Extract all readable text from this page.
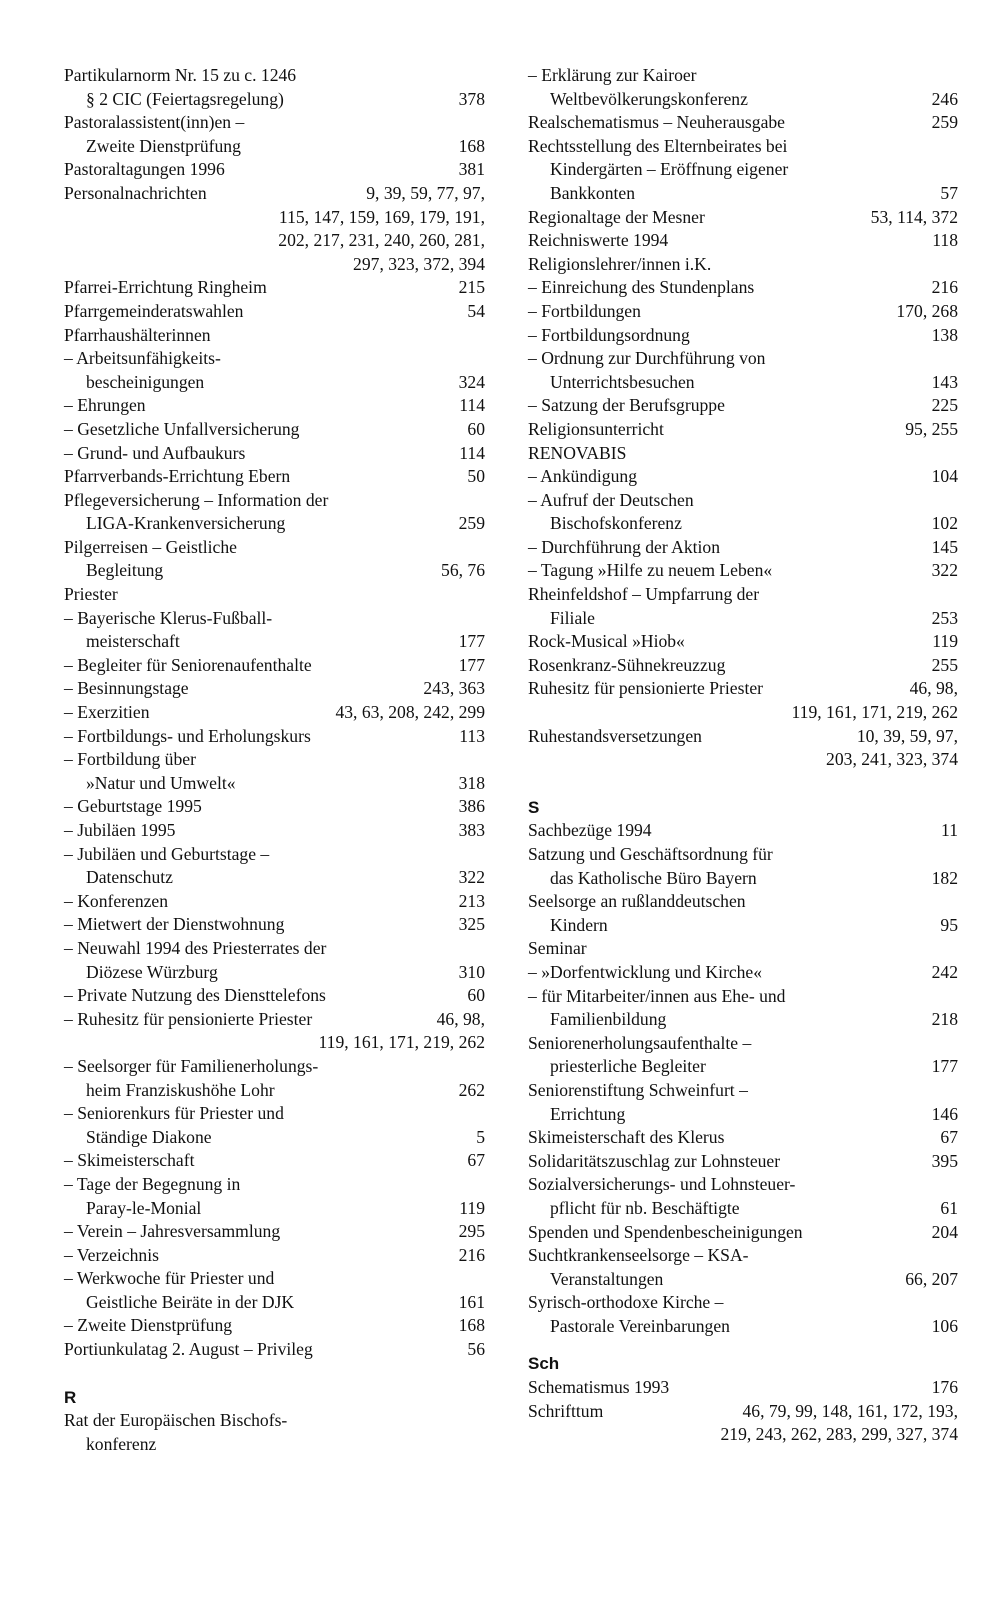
Partikularnorm Nr. 15 zu c. 1246
§ 2 CIC (Feiertagsregelung)	378
Pastoralassistent(inn)en –
Zweite Dienstprüfung	168
Pastoraltagungen 1996	381
Personalnachrichten	9, 39, 59, 77, 97,
115, 147, 159, 169, 179, 191,
202, 217, 231, 240, 260, 281,
297, 323, 372, 394
Pfarrei-Errichtung Ringheim	215
Pfarrgemeinderatswahlen	54
Pfarrhaushälterinnen
– Arbeitsunfähigkeits-
bescheinigungen	324
– Ehrungen	114
– Gesetzliche Unfallversicherung	60
– Grund- und Aufbaukurs	114
Pfarrverbands-Errichtung Ebern	50
Pflegeversicherung – Information der
LIGA-Krankenversicherung	259
Pilgerreisen – Geistliche
Begleitung	56, 76
Priester
– Bayerische Klerus-Fußball-
meisterschaft	177
– Begleiter für Seniorenaufenthalte	177
– Besinnungstage	243, 363
– Exerzitien	43, 63, 208, 242, 299
– Fortbildungs- und Erholungskurs	113
– Fortbildung über
»Natur und Umwelt«	318
– Geburtstage 1995	386
– Jubiläen 1995	383
– Jubiläen und Geburtstage –
Datenschutz	322
– Konferenzen	213
– Mietwert der Dienstwohnung	325
– Neuwahl 1994 des Priesterrates der
Diözese Würzburg	310
– Private Nutzung des Diensttelefons	60
– Ruhesitz für pensionierte Priester	46, 98,
119, 161, 171, 219, 262
– Seelsorger für Familienerholungs-
heim Franziskushöhe Lohr	262
– Seniorenkurs für Priester und
Ständige Diakone	5
– Skimeisterschaft	67
– Tage der Begegnung in
Paray-le-Monial	119
– Verein – Jahresversammlung	295
– Verzeichnis	216
– Werkwoche für Priester und
Geistliche Beiräte in der DJK	161
– Zweite Dienstprüfung	168
Portiunkulatag 2. August – Privileg	56
R
Rat der Europäischen Bischofs-
konferenz
– Erklärung zur Kairoer
Weltbevölkerungskonferenz	246
Realschematismus – Neuherausgabe	259
Rechtsstellung des Elternbeirates bei
Kindergärten – Eröffnung eigener
Bankkonten	57
Regionaltage der Mesner	53, 114, 372
Reichniswerte 1994	118
Religionslehrer/innen i.K.
– Einreichung des Stundenplans	216
– Fortbildungen	170, 268
– Fortbildungsordnung	138
– Ordnung zur Durchführung von
Unterrichtsbesuchen	143
– Satzung der Berufsgruppe	225
Religionsunterricht	95, 255
RENOVABIS
– Ankündigung	104
– Aufruf der Deutschen
Bischofskonferenz	102
– Durchführung der Aktion	145
– Tagung »Hilfe zu neuem Leben«	322
Rheinfeldshof – Umpfarrung der
Filiale	253
Rock-Musical »Hiob«	119
Rosenkranz-Sühnekreuzzug	255
Ruhesitz für pensionierte Priester	46, 98,
119, 161, 171, 219, 262
Ruhestandsversetzungen	10, 39, 59, 97,
203, 241, 323, 374
S
Sachbezüge 1994	11
Satzung und Geschäftsordnung für
das Katholische Büro Bayern	182
Seelsorge an rußlanddeutschen
Kindern	95
Seminar
– »Dorfentwicklung und Kirche«	242
– für Mitarbeiter/innen aus Ehe- und
Familienbildung	218
Seniorenerholungsaufenthalte –
priesterliche Begleiter	177
Seniorenstiftung Schweinfurt –
Errichtung	146
Skimeisterschaft des Klerus	67
Solidaritätszuschlag zur Lohnsteuer	395
Sozialversicherungs- und Lohnsteuer-
pflicht für nb. Beschäftigte	61
Spenden und Spendenbescheinigungen	204
Suchtkrankenseelsorge – KSA-
Veranstaltungen	66, 207
Syrisch-orthodoxe Kirche –
Pastorale Vereinbarungen	106
Sch
Schematismus 1993	176
Schrifttum	46, 79, 99, 148, 161, 172, 193,
219, 243, 262, 283, 299, 327, 374
